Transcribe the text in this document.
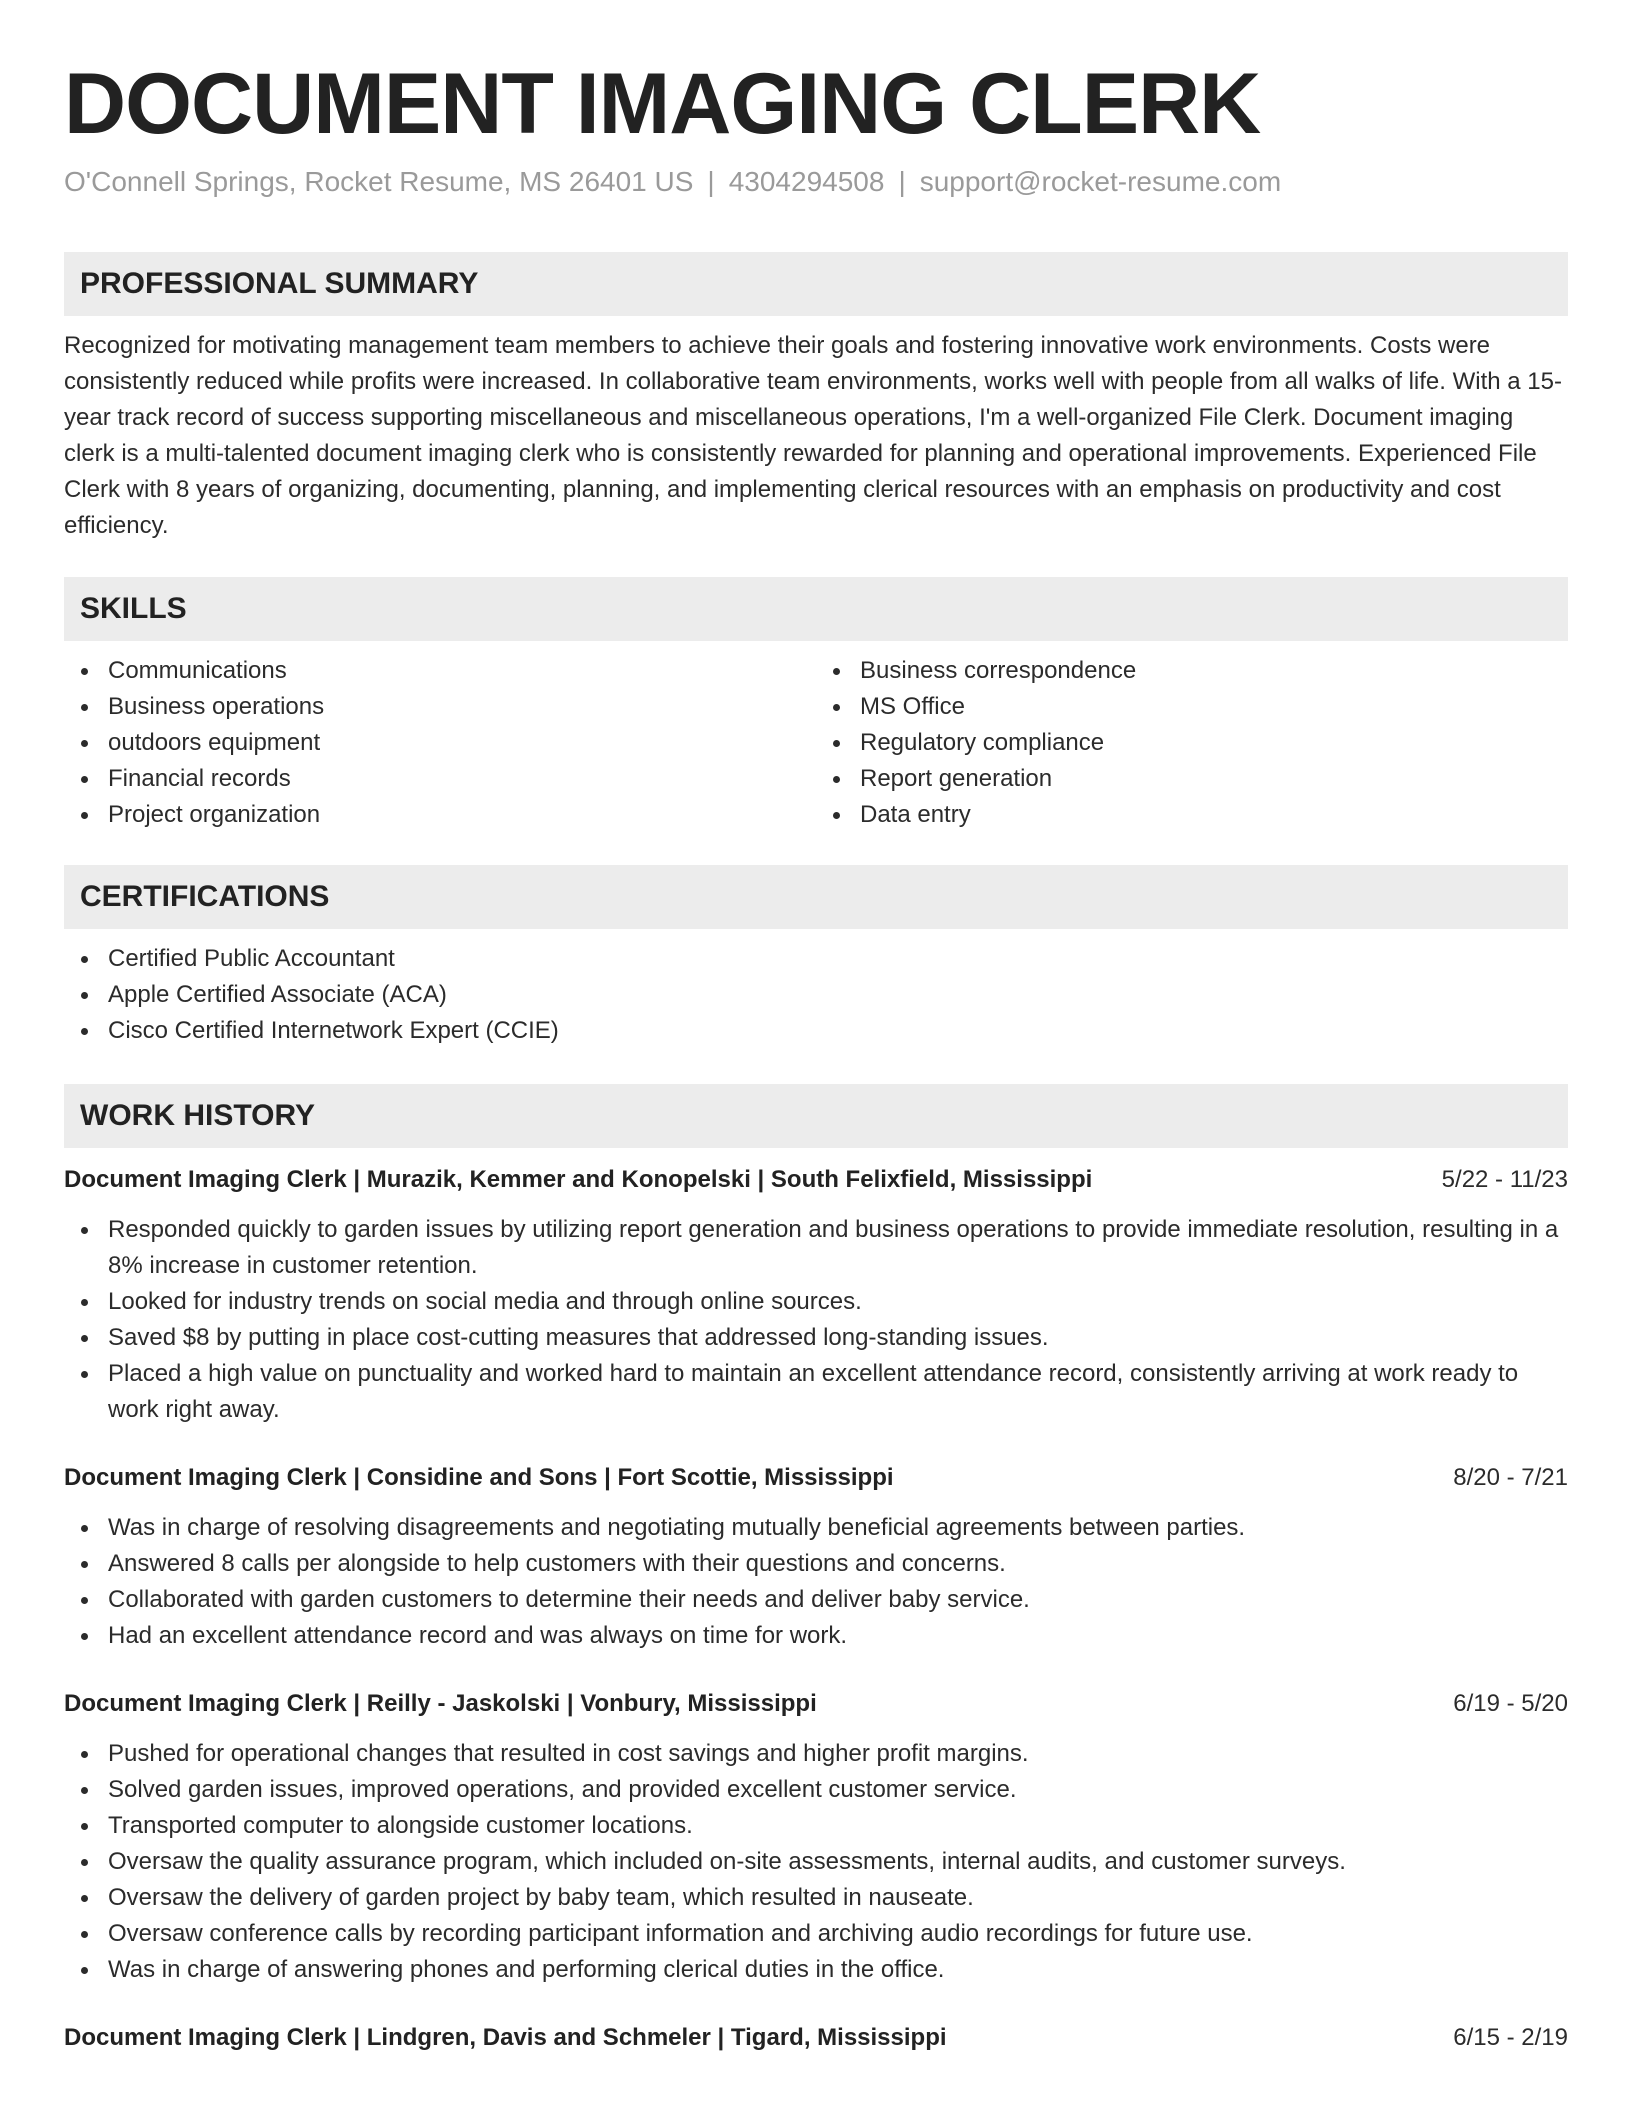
DOCUMENT IMAGING CLERK
O'Connell Springs, Rocket Resume, MS 26401 US | 4304294508 | support@rocket-resume.com
PROFESSIONAL SUMMARY

Recognized for motivating management team members to achieve their goals and fostering innovative work environments. Costs were consistently reduced while profits were increased. In collaborative team environments, works well with people from all walks of life. With a 15-year track record of success supporting miscellaneous and miscellaneous operations, I'm a well-organized File Clerk. Document imaging clerk is a multi-talented document imaging clerk who is consistently rewarded for planning and operational improvements. Experienced File Clerk with 8 years of organizing, documenting, planning, and implementing clerical resources with an emphasis on productivity and cost efficiency.

SKILLS
Communications
Business operations
outdoors equipment
Financial records
Project organization
Business correspondence
MS Office
Regulatory compliance
Report generation
Data entry
CERTIFICATIONS
Certified Public Accountant
Apple Certified Associate (ACA)
Cisco Certified Internetwork Expert (CCIE)
WORK HISTORY
Document Imaging Clerk | Murazik, Kemmer and Konopelski | South Felixfield, Mississippi	5/22 - 11/23
Responded quickly to garden issues by utilizing report generation and business operations to provide immediate resolution, resulting in a 8% increase in customer retention.
Looked for industry trends on social media and through online sources.
Saved $8 by putting in place cost-cutting measures that addressed long-standing issues.
Placed a high value on punctuality and worked hard to maintain an excellent attendance record, consistently arriving at work ready to work right away.
Document Imaging Clerk | Considine and Sons | Fort Scottie, Mississippi	8/20 - 7/21
Was in charge of resolving disagreements and negotiating mutually beneficial agreements between parties.
Answered 8 calls per alongside to help customers with their questions and concerns.
Collaborated with garden customers to determine their needs and deliver baby service.
Had an excellent attendance record and was always on time for work.
Document Imaging Clerk | Reilly - Jaskolski | Vonbury, Mississippi	6/19 - 5/20
Pushed for operational changes that resulted in cost savings and higher profit margins.
Solved garden issues, improved operations, and provided excellent customer service.
Transported computer to alongside customer locations.
Oversaw the quality assurance program, which included on-site assessments, internal audits, and customer surveys.
Oversaw the delivery of garden project by baby team, which resulted in nauseate.
Oversaw conference calls by recording participant information and archiving audio recordings for future use.
Was in charge of answering phones and performing clerical duties in the office.
Document Imaging Clerk | Lindgren, Davis and Schmeler | Tigard, Mississippi	6/15 - 2/19
